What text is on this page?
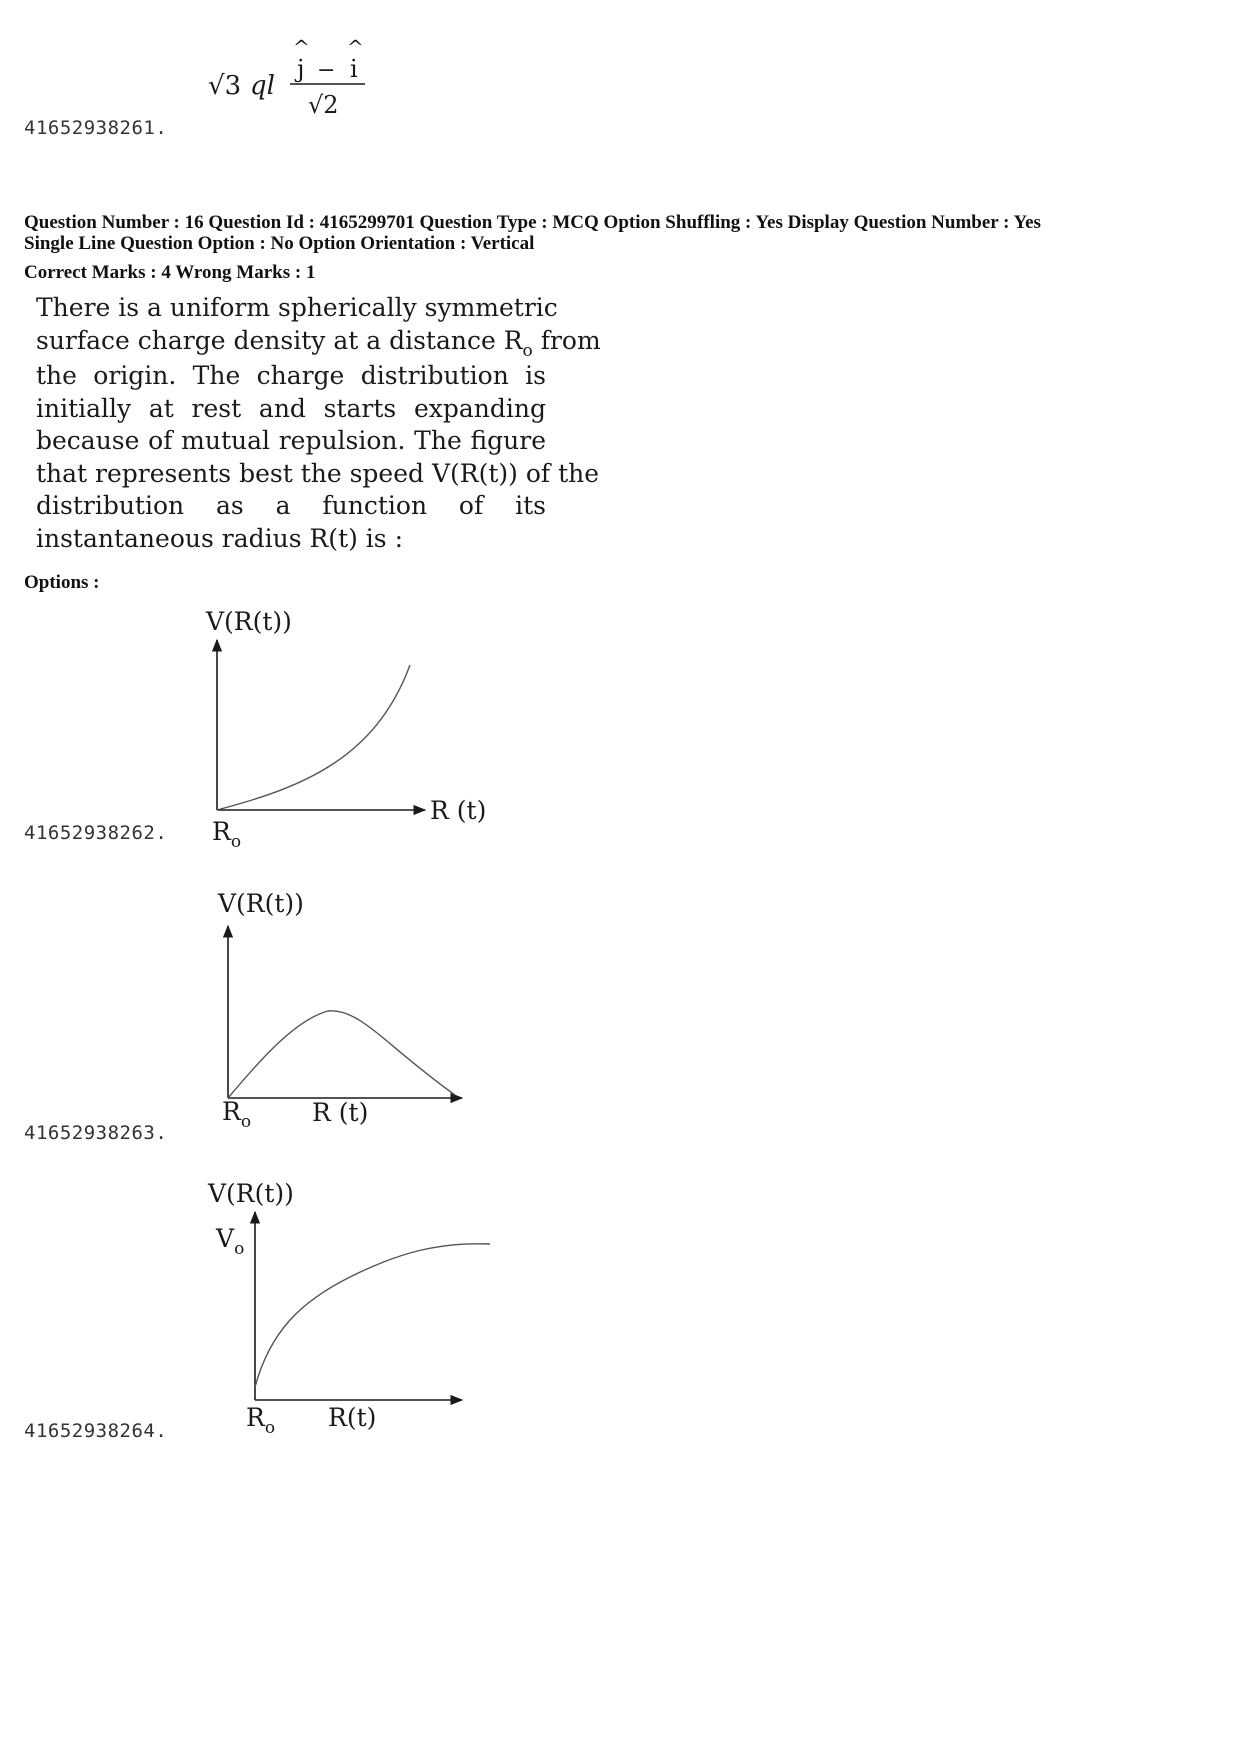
√3 ql
^ ^
j − i
√2
41652938261.
Question Number : 16 Question Id : 4165299701 Question Type : MCQ Option Shuffling : Yes Display Question Number : Yes
Single Line Question Option : No Option Orientation : Vertical
Correct Marks : 4 Wrong Marks : 1
There is a uniform spherically symmetric
surface charge density at a distance $R_o$ from
the origin. The charge distribution is
initially at rest and starts expanding
because of mutual repulsion. The figure
that represents best the speed V(R(t)) of the
distribution as a function of its
instantaneous radius R(t) is :
Options :
V(R(t))
R (t)
$R_o$
41652938262.
V(R(t))
$R_o$ R (t)
41652938263.
V(R(t))
$V_o$
$R_o$ R(t)
41652938264.
